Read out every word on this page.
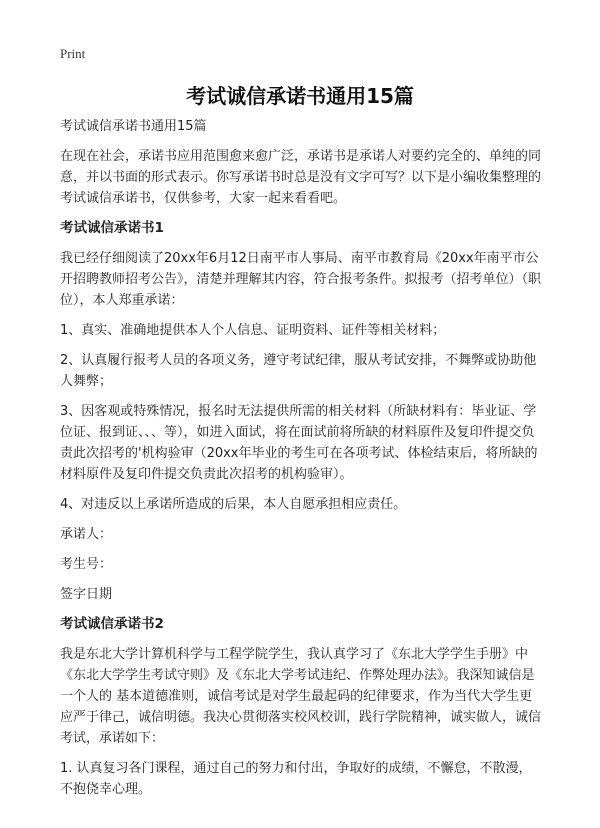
Print
考试诚信承诺书通用15篇

考试诚信承诺书通用15篇

在现在社会，承诺书应用范围愈来愈广泛，承诺书是承诺人对要约完全的、单纯的同意，并以书面的形式表示。你写承诺书时总是没有文字可写？以下是小编收集整理的考试诚信承诺书，仅供参考，大家一起来看看吧。

考试诚信承诺书1

我已经仔细阅读了20xx年6月12日南平市人事局、南平市教育局《20xx年南平市公开招聘教师招考公告》，清楚并理解其内容，符合报考条件。拟报考（招考单位）（职位），本人郑重承诺：

1、真实、准确地提供本人个人信息、证明资料、证件等相关材料；

2、认真履行报考人员的各项义务，遵守考试纪律，服从考试安排，不舞弊或协助他人舞弊；

3、因客观或特殊情况，报名时无法提供所需的相关材料（所缺材料有：毕业证、学位证、报到证、、、等），如进入面试，将在面试前将所缺的材料原件及复印件提交负责此次招考的'机构验审（20xx年毕业的考生可在各项考试、体检结束后，将所缺的材料原件及复印件提交负责此次招考的机构验审）。

4、对违反以上承诺所造成的后果，本人自愿承担相应责任。

承诺人：

考生号：

签字日期

考试诚信承诺书2

我是东北大学计算机科学与工程学院学生，我认真学习了《东北大学学生手册》中《东北大学学生考试守则》及《东北大学考试违纪、作弊处理办法》。我深知诚信是一个人的 基本道德准则，诚信考试是对学生最起码的纪律要求，作为当代大学生更应严于律己，诚信明德。我决心贯彻落实校风校训，践行学院精神，诚实做人，诚信考试，承诺如下：

1. 认真复习各门课程，通过自己的努力和付出，争取好的成绩，不懈怠，不散漫，不抱侥幸心理。
